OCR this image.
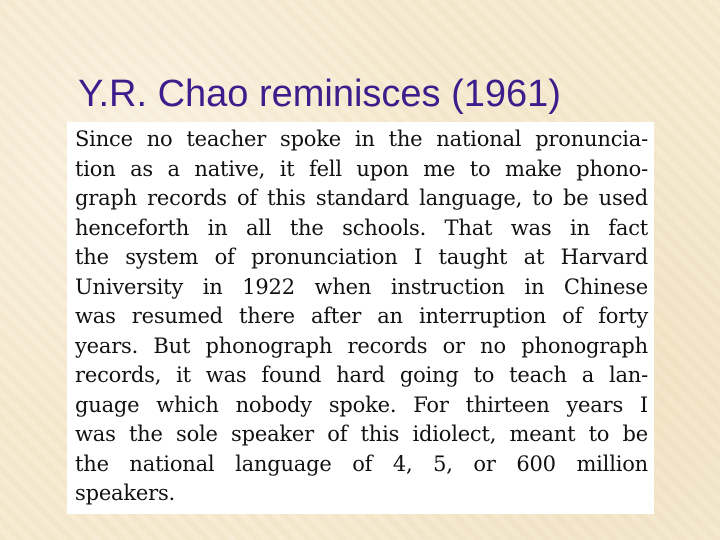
Y.R. Chao reminisces (1961)
Since no teacher spoke in the national pronuncia-
tion as a native, it fell upon me to make phono-
graph records of this standard language, to be used
henceforth in all the schools. That was in fact
the system of pronunciation I taught at Harvard
University in 1922 when instruction in Chinese
was resumed there after an interruption of forty
years. But phonograph records or no phonograph
records, it was found hard going to teach a lan-
guage which nobody spoke. For thirteen years I
was the sole speaker of this idiolect, meant to be
the national language of 4, 5, or 600 million
speakers.
